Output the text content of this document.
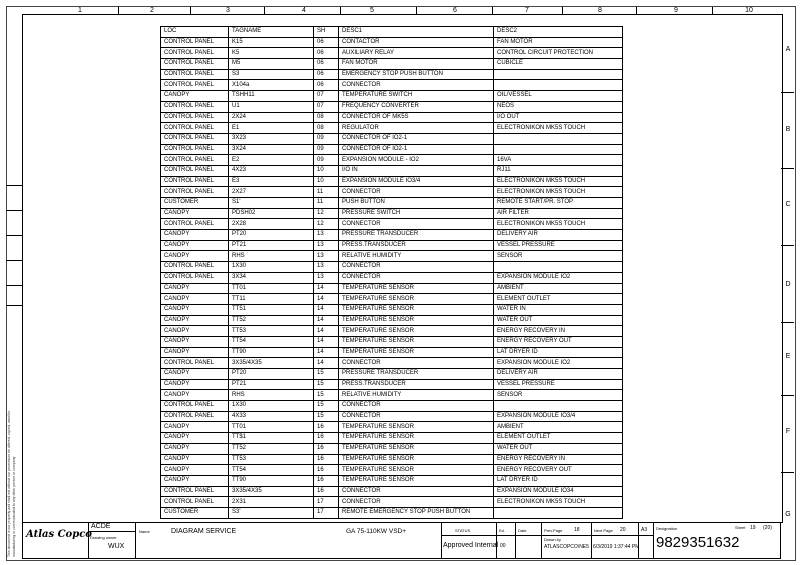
1	2	3	4	5	6	7	8	9	10
A
B
C
D
E
F
G
This document is our property and shall not without our permission be altered, copied, used for manufacturing or communicated to any other person or company
LOC	TAGNAME	SH	DESC1	DESC2
CONTROL PANEL	K15	06	CONTACTOR	FAN MOTOR
CONTROL PANEL	K5	06	AUXILIARY RELAY	CONTROL CIRCUIT PROTECTION
CONTROL PANEL	M5	06	FAN MOTOR	CUBICLE
CONTROL PANEL	S3	06	EMERGENCY STOP PUSH BUTTON	
CONTROL PANEL	X104a	06	CONNECTOR	
CANOPY	TSHH11	07	TEMPERATURE SWITCH	OIL/VESSEL
CONTROL PANEL	U1	07	FREQUENCY CONVERTER	NEOS
CONTROL PANEL	2X24	08	CONNECTOR OF MK5S	I/O OUT
CONTROL PANEL	E1	08	REGULATOR	ELECTRONIKON MK5S TOUCH
CONTROL PANEL	3X23	09	CONNECTOR OF IO2-1	
CONTROL PANEL	3X24	09	CONNECTOR OF IO2-1	
CONTROL PANEL	E2	09	EXPANSION MODULE - IO2	16VA
CONTROL PANEL	4X23	10	I/O IN	RJ11
CONTROL PANEL	E3	10	EXPANSION MODULE IO3/4	ELECTRONIKON MK5S TOUCH
CONTROL PANEL	2X27	11	CONNECTOR	ELECTRONIKON MK5S TOUCH
CUSTOMER	S1'	11	PUSH BUTTON	REMOTE START/PR. STOP
CANOPY	PDSH02	12	PRESSURE SWITCH	AIR FILTER
CONTROL PANEL	2X28	12	CONNECTOR	ELECTRONIKON MK5S TOUCH
CANOPY	PT20	13	PRESSURE TRANSDUCER	DELIVERY AIR
CANOPY	PT21	13	PRESS.TRANSDUCER	VESSEL PRESSURE
CANOPY	RHS	13	RELATIVE HUMIDITY	SENSOR
CONTROL PANEL	1X30	13	CONNECTOR	
CONTROL PANEL	3X34	13	CONNECTOR	EXPANSION MODULE IO2
CANOPY	TT01	14	TEMPERATURE SENSOR	AMBIENT
CANOPY	TT11	14	TEMPERATURE SENSOR	ELEMENT OUTLET
CANOPY	TT51	14	TEMPERATURE SENSOR	WATER IN
CANOPY	TT52	14	TEMPERATURE SENSOR	WATER OUT
CANOPY	TT53	14	TEMPERATURE SENSOR	ENERGY RECOVERY IN
CANOPY	TT54	14	TEMPERATURE SENSOR	ENERGY RECOVERY OUT
CANOPY	TT90	14	TEMPERATURE SENSOR	LAT DRYER ID
CONTROL PANEL	3X35/4X35	14	CONNECTOR	EXPANSION MODULE IO2
CANOPY	PT20	15	PRESSURE TRANSDUCER	DELIVERY AIR
CANOPY	PT21	15	PRESS.TRANSDUCER	VESSEL PRESSURE
CANOPY	RHS	15	RELATIVE HUMIDITY	SENSOR
CONTROL PANEL	1X30	15	CONNECTOR	
CONTROL PANEL	4X33	15	CONNECTOR	EXPANSION MODULE IO3/4
CANOPY	TT01	16	TEMPERATURE SENSOR	AMBIENT
CANOPY	TT$1	16	TEMPERATURE SENSOR	ELEMENT OUTLET
CANOPY	TT52	16	TEMPERATURE SENSOR	WATER OUT
CANOPY	TT53	16	TEMPERATURE SENSOR	ENERGY RECOVERY IN
CANOPY	TT54	16	TEMPERATURE SENSOR	ENERGY RECOVERY OUT
CANOPY	TT90	16	TEMPERATURE SENSOR	LAT DRYER ID
CONTROL PANEL	3X35/4X35	16	CONNECTOR	EXPANSION MODULE IO34
CONTROL PANEL	2X31	17	CONNECTOR	ELECTRONIKON MK5S TOUCH
CUSTOMER	S3'	17	REMOTE EMERGENCY STOP PUSH BUTTON	
Atlas Copco
ACDE
Drawing owner
WUX
Name	DIAGRAM SERVICE	GA 75-110KW VSD+	STATUS
Approved Internal
Ed.
00
Date	Prev.Page 18	Next Page 20	A3
Drawn by
ATLASCOPCO\NE5 6/3/2019 1:37:44 PM
Designation
9829351632
Sheet 19 (20)
